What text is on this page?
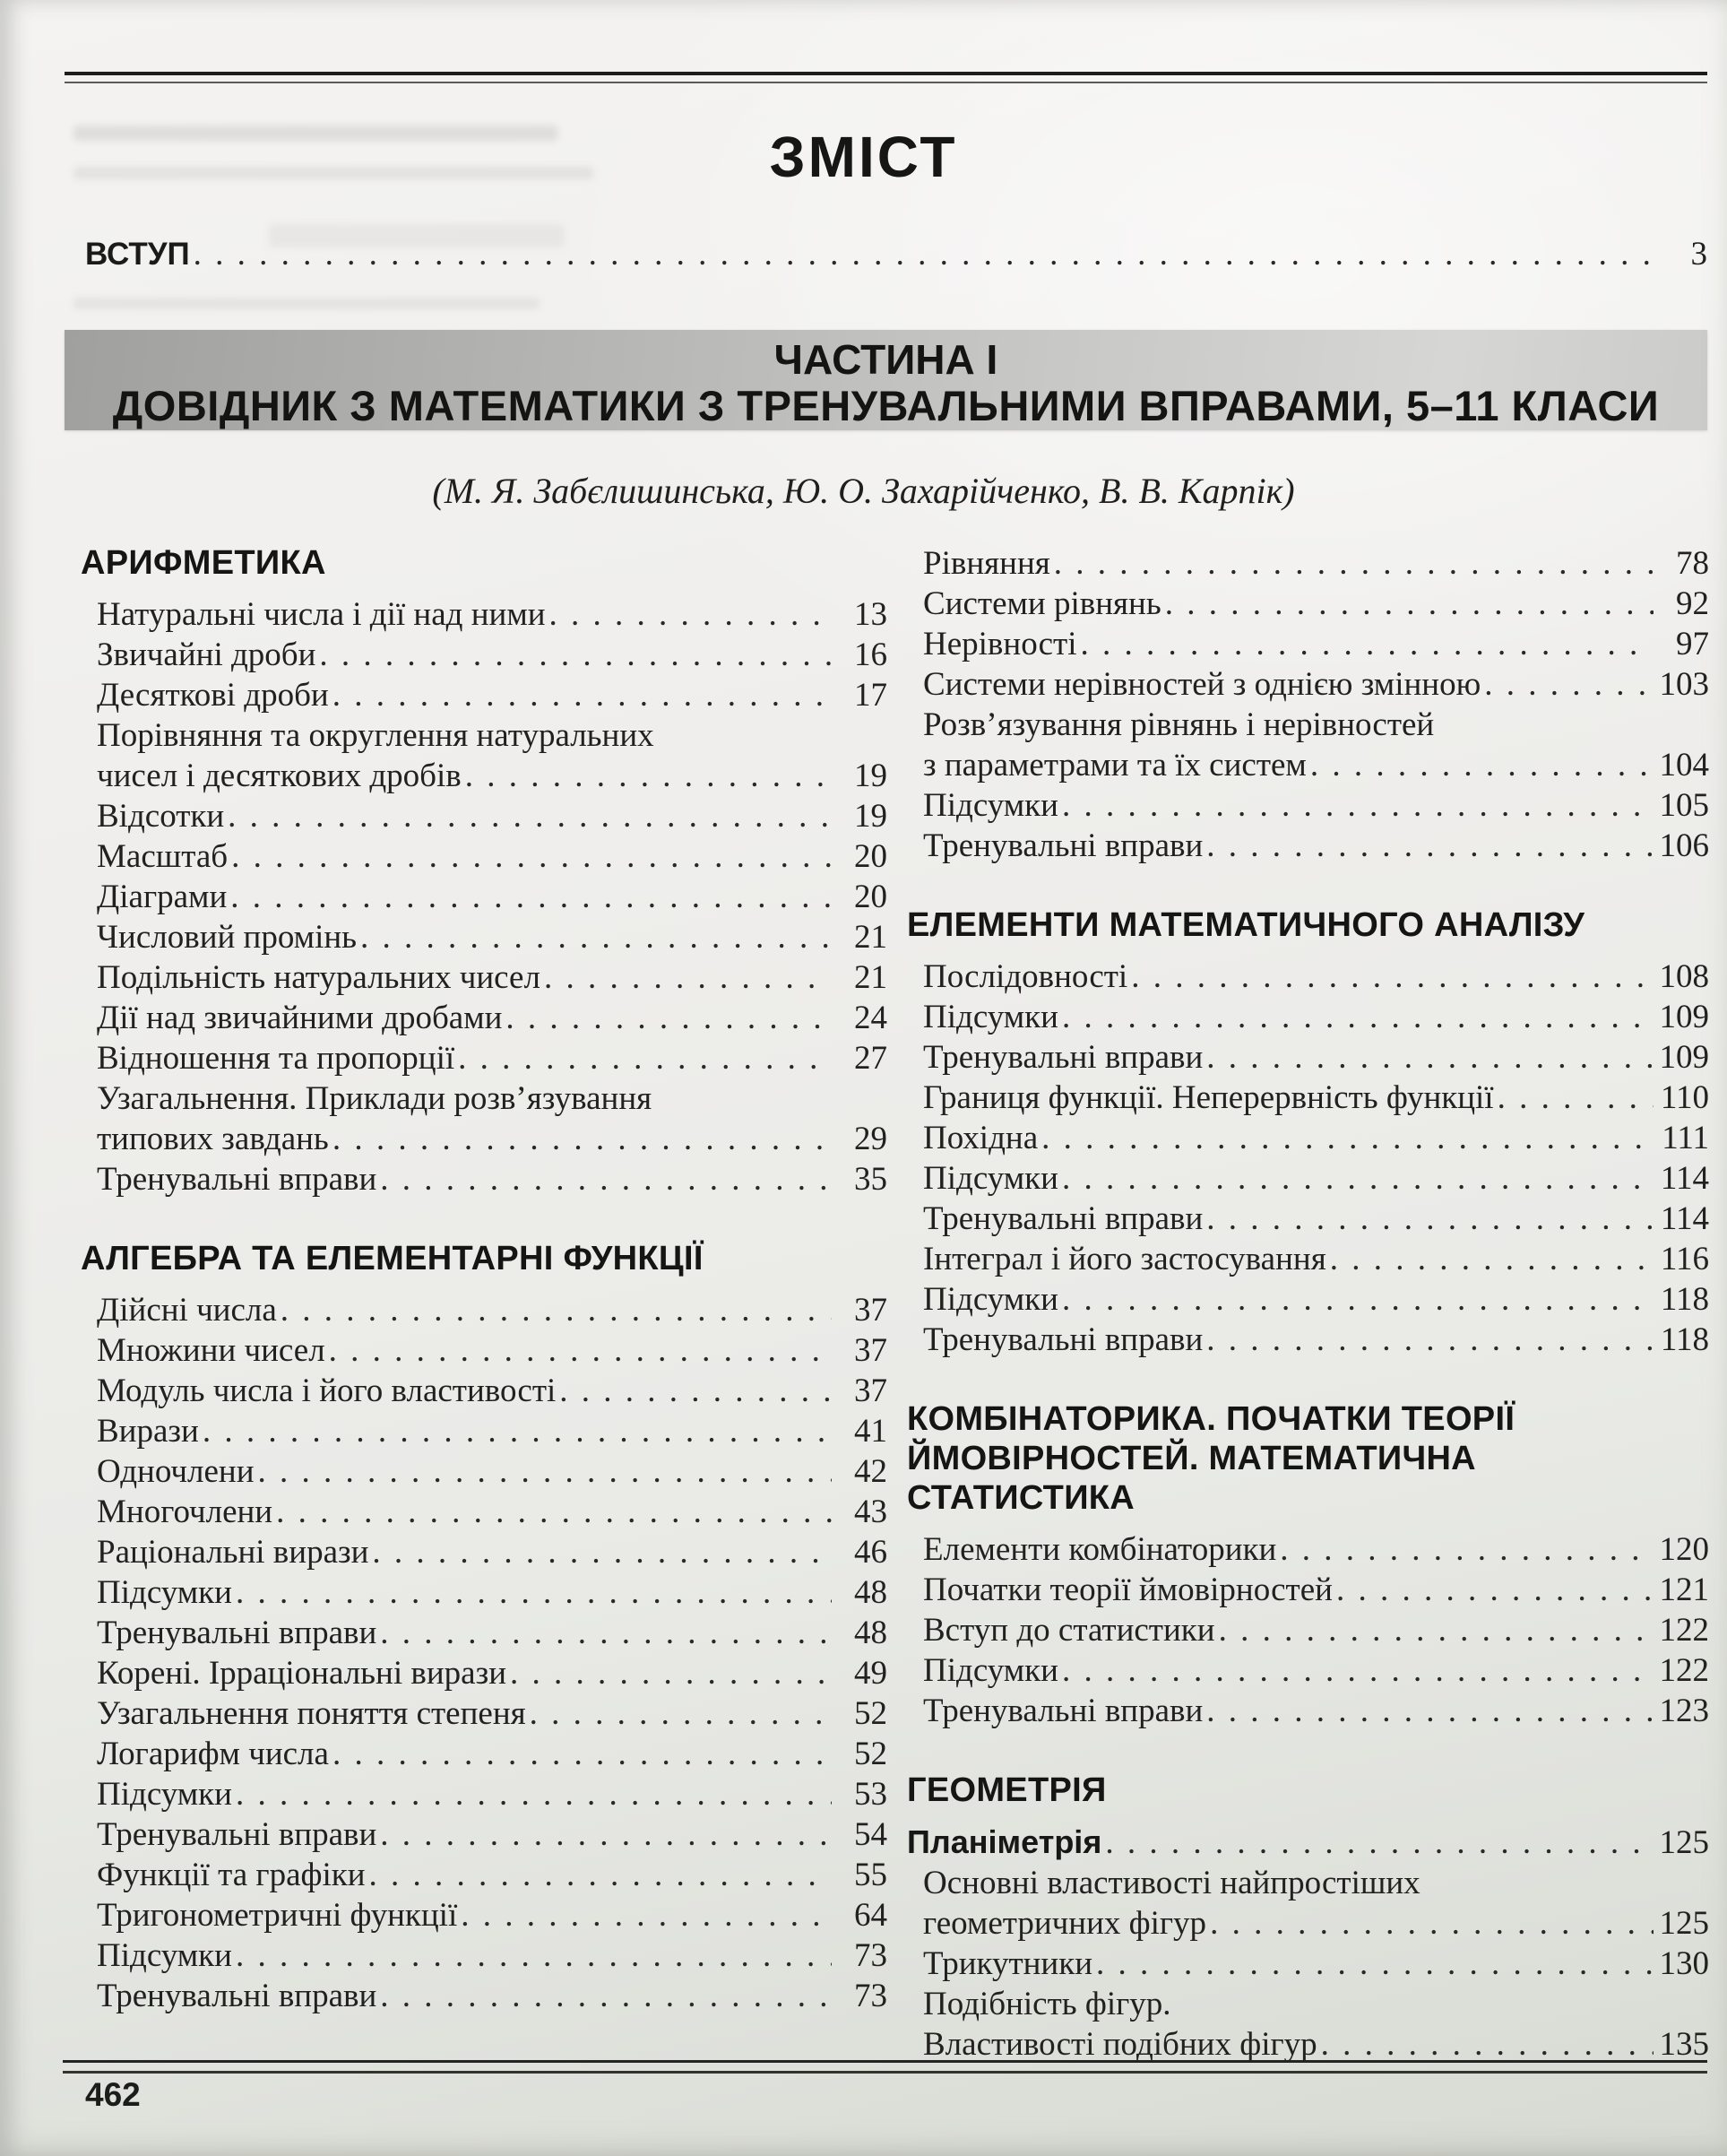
ЗМІСТ
ВСТУП . . .	3
ЧАСТИНА I
ДОВІДНИК З МАТЕМАТИКИ З ТРЕНУВАЛЬНИМИ ВПРАВАМИ, 5–11 КЛАСИ
(М. Я. Забєлишинська, Ю. О. Захарійченко, В. В. Карпік)
АРИФМЕТИКА
Натуральні числа і дії над ними . . .	13
Звичайні дроби . . .	16
Десяткові дроби . . .	17
Порівняння та округлення натуральних
чисел і десяткових дробів . . .	19
Відсотки . . .	19
Масштаб . . .	20
Діаграми . . .	20
Числовий промінь . . .	21
Подільність натуральних чисел . . .	21
Дії над звичайними дробами . . .	24
Відношення та пропорції . . .	27
Узагальнення. Приклади розв’язування
типових завдань . . .	29
Тренувальні вправи . . .	35
АЛГЕБРА ТА ЕЛЕМЕНТАРНІ ФУНКЦІЇ
Дійсні числа . . .	37
Множини чисел . . .	37
Модуль числа і його властивості . . .	37
Вирази . . .	41
Одночлени . . .	42
Многочлени . . .	43
Раціональні вирази . . .	46
Підсумки . . .	48
Тренувальні вправи . . .	48
Корені. Ірраціональні вирази . . .	49
Узагальнення поняття степеня . . .	52
Логарифм числа . . .	52
Підсумки . . .	53
Тренувальні вправи . . .	54
Функції та графіки . . .	55
Тригонометричні функції . . .	64
Підсумки . . .	73
Тренувальні вправи . . .	73
Рівняння . . .	78
Системи рівнянь . . .	92
Нерівності . . .	97
Системи нерівностей з однією змінною . . .	103
Розв’язування рівнянь і нерівностей
з параметрами та їх систем . . .	104
Підсумки . . .	105
Тренувальні вправи . . .	106
ЕЛЕМЕНТИ МАТЕМАТИЧНОГО АНАЛІЗУ
Послідовності . . .	108
Підсумки . . .	109
Тренувальні вправи . . .	109
Границя функції. Неперервність функції . . .	110
Похідна . . .	111
Підсумки . . .	114
Тренувальні вправи . . .	114
Інтеграл і його застосування . . .	116
Підсумки . . .	118
Тренувальні вправи . . .	118
КОМБІНАТОРИКА. ПОЧАТКИ ТЕОРІЇ
ЙМОВІРНОСТЕЙ. МАТЕМАТИЧНА СТАТИСТИКА
Елементи комбінаторики . . .	120
Початки теорії ймовірностей . . .	121
Вступ до статистики . . .	122
Підсумки . . .	122
Тренувальні вправи . . .	123
ГЕОМЕТРІЯ
Планіметрія . . .	125
Основні властивості найпростіших
геометричних фігур . . .	125
Трикутники . . .	130
Подібність фігур.
Властивості подібних фігур . . .	135
462
